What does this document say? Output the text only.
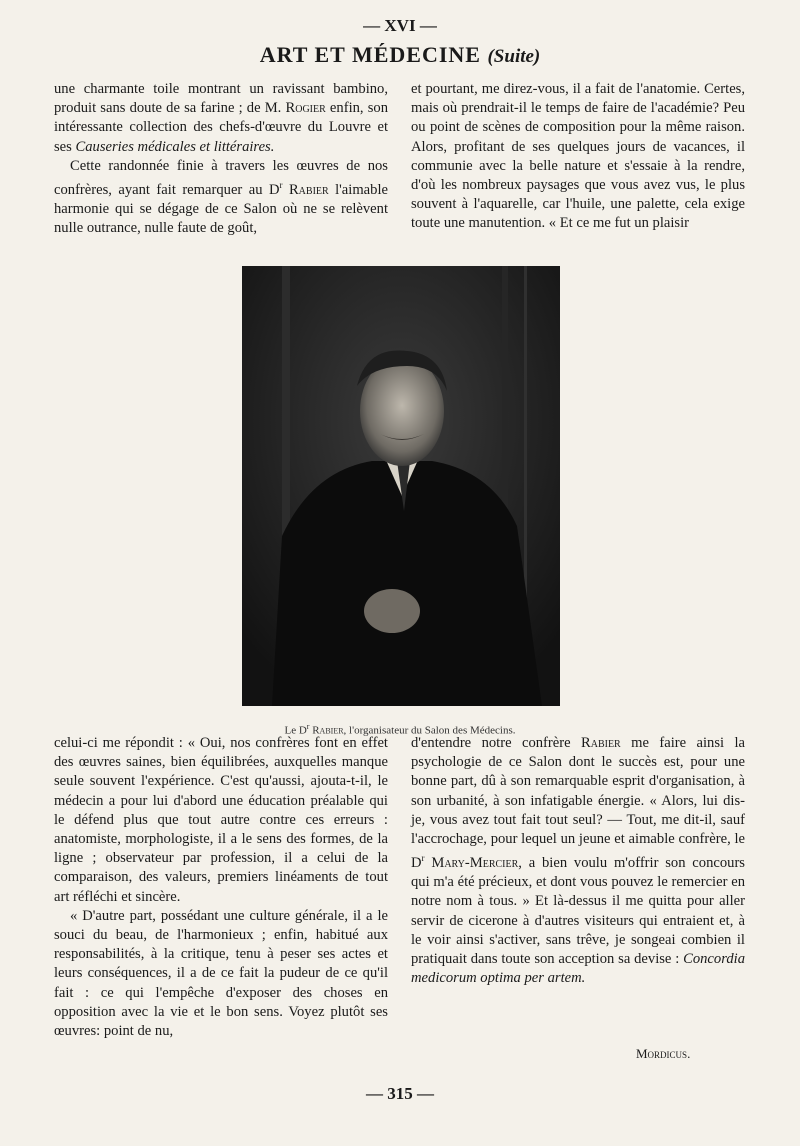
— XVI —
ART ET MÉDECINE (Suite)

une charmante toile montrant un ravissant bambino, produit sans doute de sa farine ; de M. Rogier enfin, son intéressante collection des chefs-d'œuvre du Louvre et ses Causeries médicales et littéraires.

Cette randonnée finie à travers les œuvres de nos confrères, ayant fait remarquer au $D^r$ Rabier l'aimable harmonie qui se dégage de ce Salon où ne se relèvent nulle outrance, nulle faute de goût,

et pourtant, me direz-vous, il a fait de l'anatomie. Certes, mais où prendrait-il le temps de faire de l'académie? Peu ou point de scènes de composition pour la même raison. Alors, profitant de ses quelques jours de vacances, il communie avec la belle nature et s'essaie à la rendre, d'où les nombreux paysages que vous avez vus, le plus souvent à l'aquarelle, car l'huile, une palette, cela exige toute une manutention. « Et ce me fut un plaisir

Le $D^r$ Rabier, l'organisateur du Salon des Médecins.

celui-ci me répondit : « Oui, nos confrères font en effet des œuvres saines, bien équilibrées, auxquelles manque seule souvent l'expérience. C'est qu'aussi, ajouta-t-il, le médecin a pour lui d'abord une éducation préalable qui le défend plus que tout autre contre ces erreurs : anatomiste, morphologiste, il a le sens des formes, de la ligne ; observateur par profession, il a celui de la comparaison, des valeurs, premiers linéaments de tout art réfléchi et sincère.

« D'autre part, possédant une culture générale, il a le souci du beau, de l'harmonieux ; enfin, habitué aux responsabilités, à la critique, tenu à peser ses actes et leurs conséquences, il a de ce fait la pudeur de ce qu'il fait : ce qui l'empêche d'exposer des choses en opposition avec la vie et le bon sens. Voyez plutôt ses œuvres: point de nu,

d'entendre notre confrère Rabier me faire ainsi la psychologie de ce Salon dont le succès est, pour une bonne part, dû à son remarquable esprit d'organisation, à son urbanité, à son infatigable énergie. « Alors, lui dis-je, vous avez tout fait tout seul? — Tout, me dit-il, sauf l'accrochage, pour lequel un jeune et aimable confrère, le $D^r$ Mary-Mercier, a bien voulu m'offrir son concours qui m'a été précieux, et dont vous pouvez le remercier en notre nom à tous. » Et là-dessus il me quitta pour aller servir de cicerone à d'autres visiteurs qui entraient et, à le voir ainsi s'activer, sans trêve, je songeai combien il pratiquait dans toute son acception sa devise : Concordia medicorum optima per artem.

Mordicus.
— 315 —
